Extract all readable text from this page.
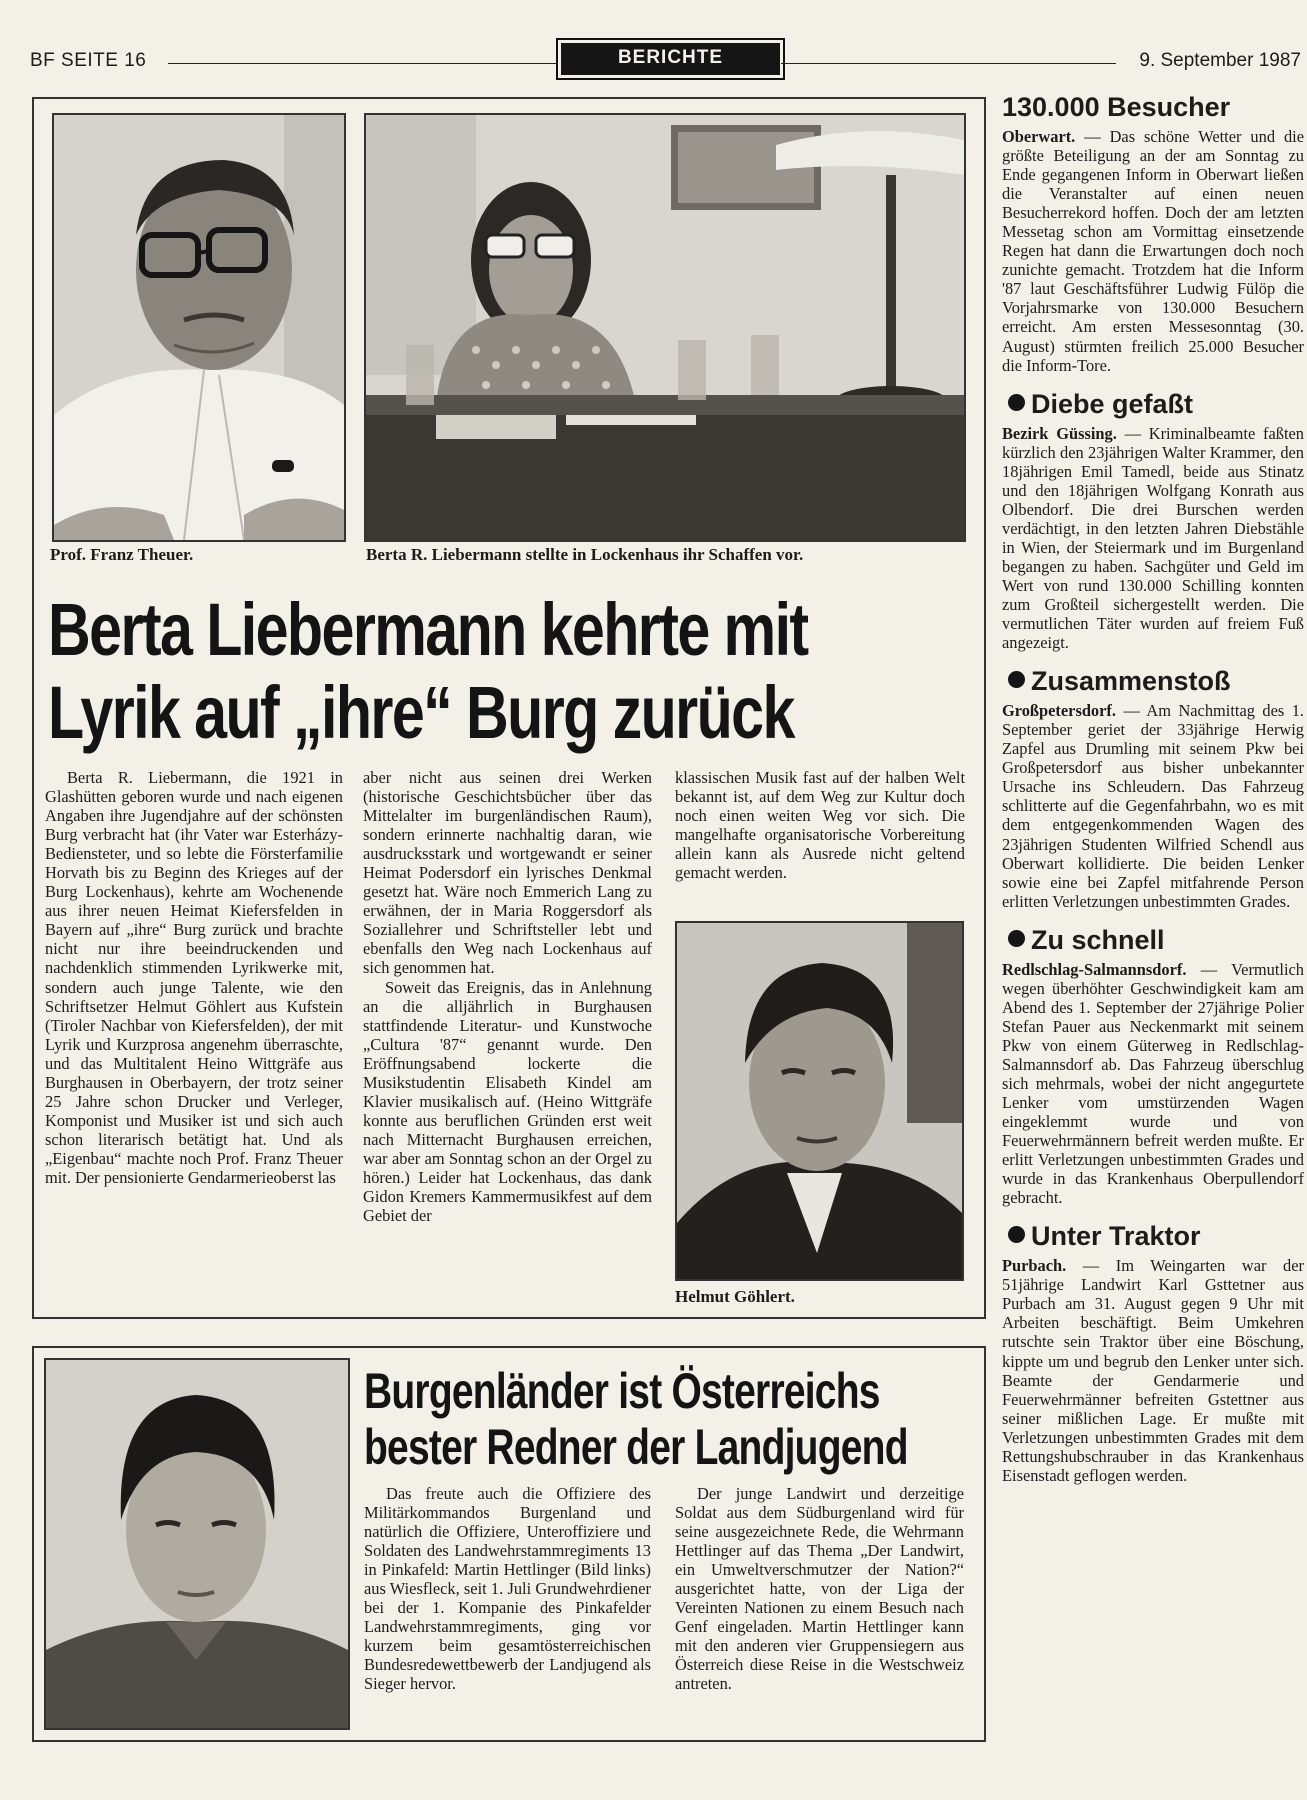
BF SEITE 16	BERICHTE	9. September 1987
Prof. Franz Theuer.	Berta R. Liebermann stellte in Lockenhaus ihr Schaffen vor.
Berta Liebermann kehrte mit
Lyrik auf „ihre“ Burg zurück

Berta R. Liebermann, die 1921 in Glashütten geboren wurde und nach eigenen Angaben ihre Jugendjahre auf der schönsten Burg verbracht hat (ihr Vater war Esterházy-Bediensteter, und so lebte die Försterfamilie Horvath bis zu Beginn des Krieges auf der Burg Lockenhaus), kehrte am Wochenende aus ihrer neuen Heimat Kiefersfelden in Bayern auf „ihre“ Burg zurück und brachte nicht nur ihre beeindruckenden und nachdenklich stimmenden Lyrikwerke mit, sondern auch junge Talente, wie den Schriftsetzer Helmut Göhlert aus Kufstein (Tiroler Nachbar von Kiefersfelden), der mit Lyrik und Kurzprosa angenehm überraschte, und das Multitalent Heino Wittgräfe aus Burghausen in Oberbayern, der trotz seiner 25 Jahre schon Drucker und Verleger, Komponist und Musiker ist und sich auch schon literarisch betätigt hat. Und als „Eigenbau“ machte noch Prof. Franz Theuer mit. Der pensionierte Gendarmerieoberst las

aber nicht aus seinen drei Werken (historische Geschichtsbücher über das Mittelalter im burgenländischen Raum), sondern erinnerte nachhaltig daran, wie ausdrucksstark und wortgewandt er seiner Heimat Podersdorf ein lyrisches Denkmal gesetzt hat. Wäre noch Emmerich Lang zu erwähnen, der in Maria Roggersdorf als Soziallehrer und Schriftsteller lebt und ebenfalls den Weg nach Lockenhaus auf sich genommen hat.

Soweit das Ereignis, das in Anlehnung an die alljährlich in Burghausen stattfindende Literatur- und Kunstwoche „Cultura '87“ genannt wurde. Den Eröffnungsabend lockerte die Musikstudentin Elisabeth Kindel am Klavier musikalisch auf. (Heino Wittgräfe konnte aus beruflichen Gründen erst weit nach Mitternacht Burghausen erreichen, war aber am Sonntag schon an der Orgel zu hören.) Leider hat Lockenhaus, das dank Gidon Kremers Kammermusikfest auf dem Gebiet der

klassischen Musik fast auf der halben Welt bekannt ist, auf dem Weg zur Kultur doch noch einen weiten Weg vor sich. Die mangelhafte organisatorische Vorbereitung allein kann als Ausrede nicht geltend gemacht werden.

Helmut Göhlert.
Burgenländer ist Österreichs
bester Redner der Landjugend

Das freute auch die Offiziere des Militärkommandos Burgenland und natürlich die Offiziere, Unteroffiziere und Soldaten des Landwehrstammregiments 13 in Pinkafeld: Martin Hettlinger (Bild links) aus Wiesfleck, seit 1. Juli Grundwehrdiener bei der 1. Kompanie des Pinkafelder Landwehrstammregiments, ging vor kurzem beim gesamtösterreichischen Bundesredewettbewerb der Landjugend als Sieger hervor.

Der junge Landwirt und derzeitige Soldat aus dem Südburgenland wird für seine ausgezeichnete Rede, die Wehrmann Hettlinger auf das Thema „Der Landwirt, ein Umweltverschmutzer der Nation?“ ausgerichtet hatte, von der Liga der Vereinten Nationen zu einem Besuch nach Genf eingeladen. Martin Hettlinger kann mit den anderen vier Gruppensiegern aus Österreich diese Reise in die Westschweiz antreten.

130.000 Besucher
Oberwart. — Das schöne Wetter und die größte Beteiligung an der am Sonntag zu Ende gegangenen Inform in Oberwart ließen die Veranstalter auf einen neuen Besucherrekord hoffen. Doch der am letzten Messetag schon am Vormittag einsetzende Regen hat dann die Erwartungen doch noch zunichte gemacht. Trotzdem hat die Inform '87 laut Geschäftsführer Ludwig Fülöp die Vorjahrsmarke von 130.000 Besuchern erreicht. Am ersten Messesonntag (30. August) stürmten freilich 25.000 Besucher die Inform-Tore.
Diebe gefaßt
Bezirk Güssing. — Kriminalbeamte faßten kürzlich den 23jährigen Walter Krammer, den 18jährigen Emil Tamedl, beide aus Stinatz und den 18jährigen Wolfgang Konrath aus Olbendorf. Die drei Burschen werden verdächtigt, in den letzten Jahren Diebstähle in Wien, der Steiermark und im Burgenland begangen zu haben. Sachgüter und Geld im Wert von rund 130.000 Schilling konnten zum Großteil sichergestellt werden. Die vermutlichen Täter wurden auf freiem Fuß angezeigt.
Zusammenstoß
Großpetersdorf. — Am Nachmittag des 1. September geriet der 33jährige Herwig Zapfel aus Drumling mit seinem Pkw bei Großpetersdorf aus bisher unbekannter Ursache ins Schleudern. Das Fahrzeug schlitterte auf die Gegenfahrbahn, wo es mit dem entgegenkommenden Wagen des 23jährigen Studenten Wilfried Schendl aus Oberwart kollidierte. Die beiden Lenker sowie eine bei Zapfel mitfahrende Person erlitten Verletzungen unbestimmten Grades.
Zu schnell
Redlschlag-Salmannsdorf. — Vermutlich wegen überhöhter Geschwindigkeit kam am Abend des 1. September der 27jährige Polier Stefan Pauer aus Neckenmarkt mit seinem Pkw von einem Güterweg in Redlschlag-Salmannsdorf ab. Das Fahrzeug überschlug sich mehrmals, wobei der nicht angegurtete Lenker vom umstürzenden Wagen eingeklemmt wurde und von Feuerwehrmännern befreit werden mußte. Er erlitt Verletzungen unbestimmten Grades und wurde in das Krankenhaus Oberpullendorf gebracht.
Unter Traktor
Purbach. — Im Weingarten war der 51jährige Landwirt Karl Gsttetner aus Purbach am 31. August gegen 9 Uhr mit Arbeiten beschäftigt. Beim Umkehren rutschte sein Traktor über eine Böschung, kippte um und begrub den Lenker unter sich. Beamte der Gendarmerie und Feuerwehrmänner befreiten Gstettner aus seiner mißlichen Lage. Er mußte mit Verletzungen unbestimmten Grades mit dem Rettungshubschrauber in das Krankenhaus Eisenstadt geflogen werden.
